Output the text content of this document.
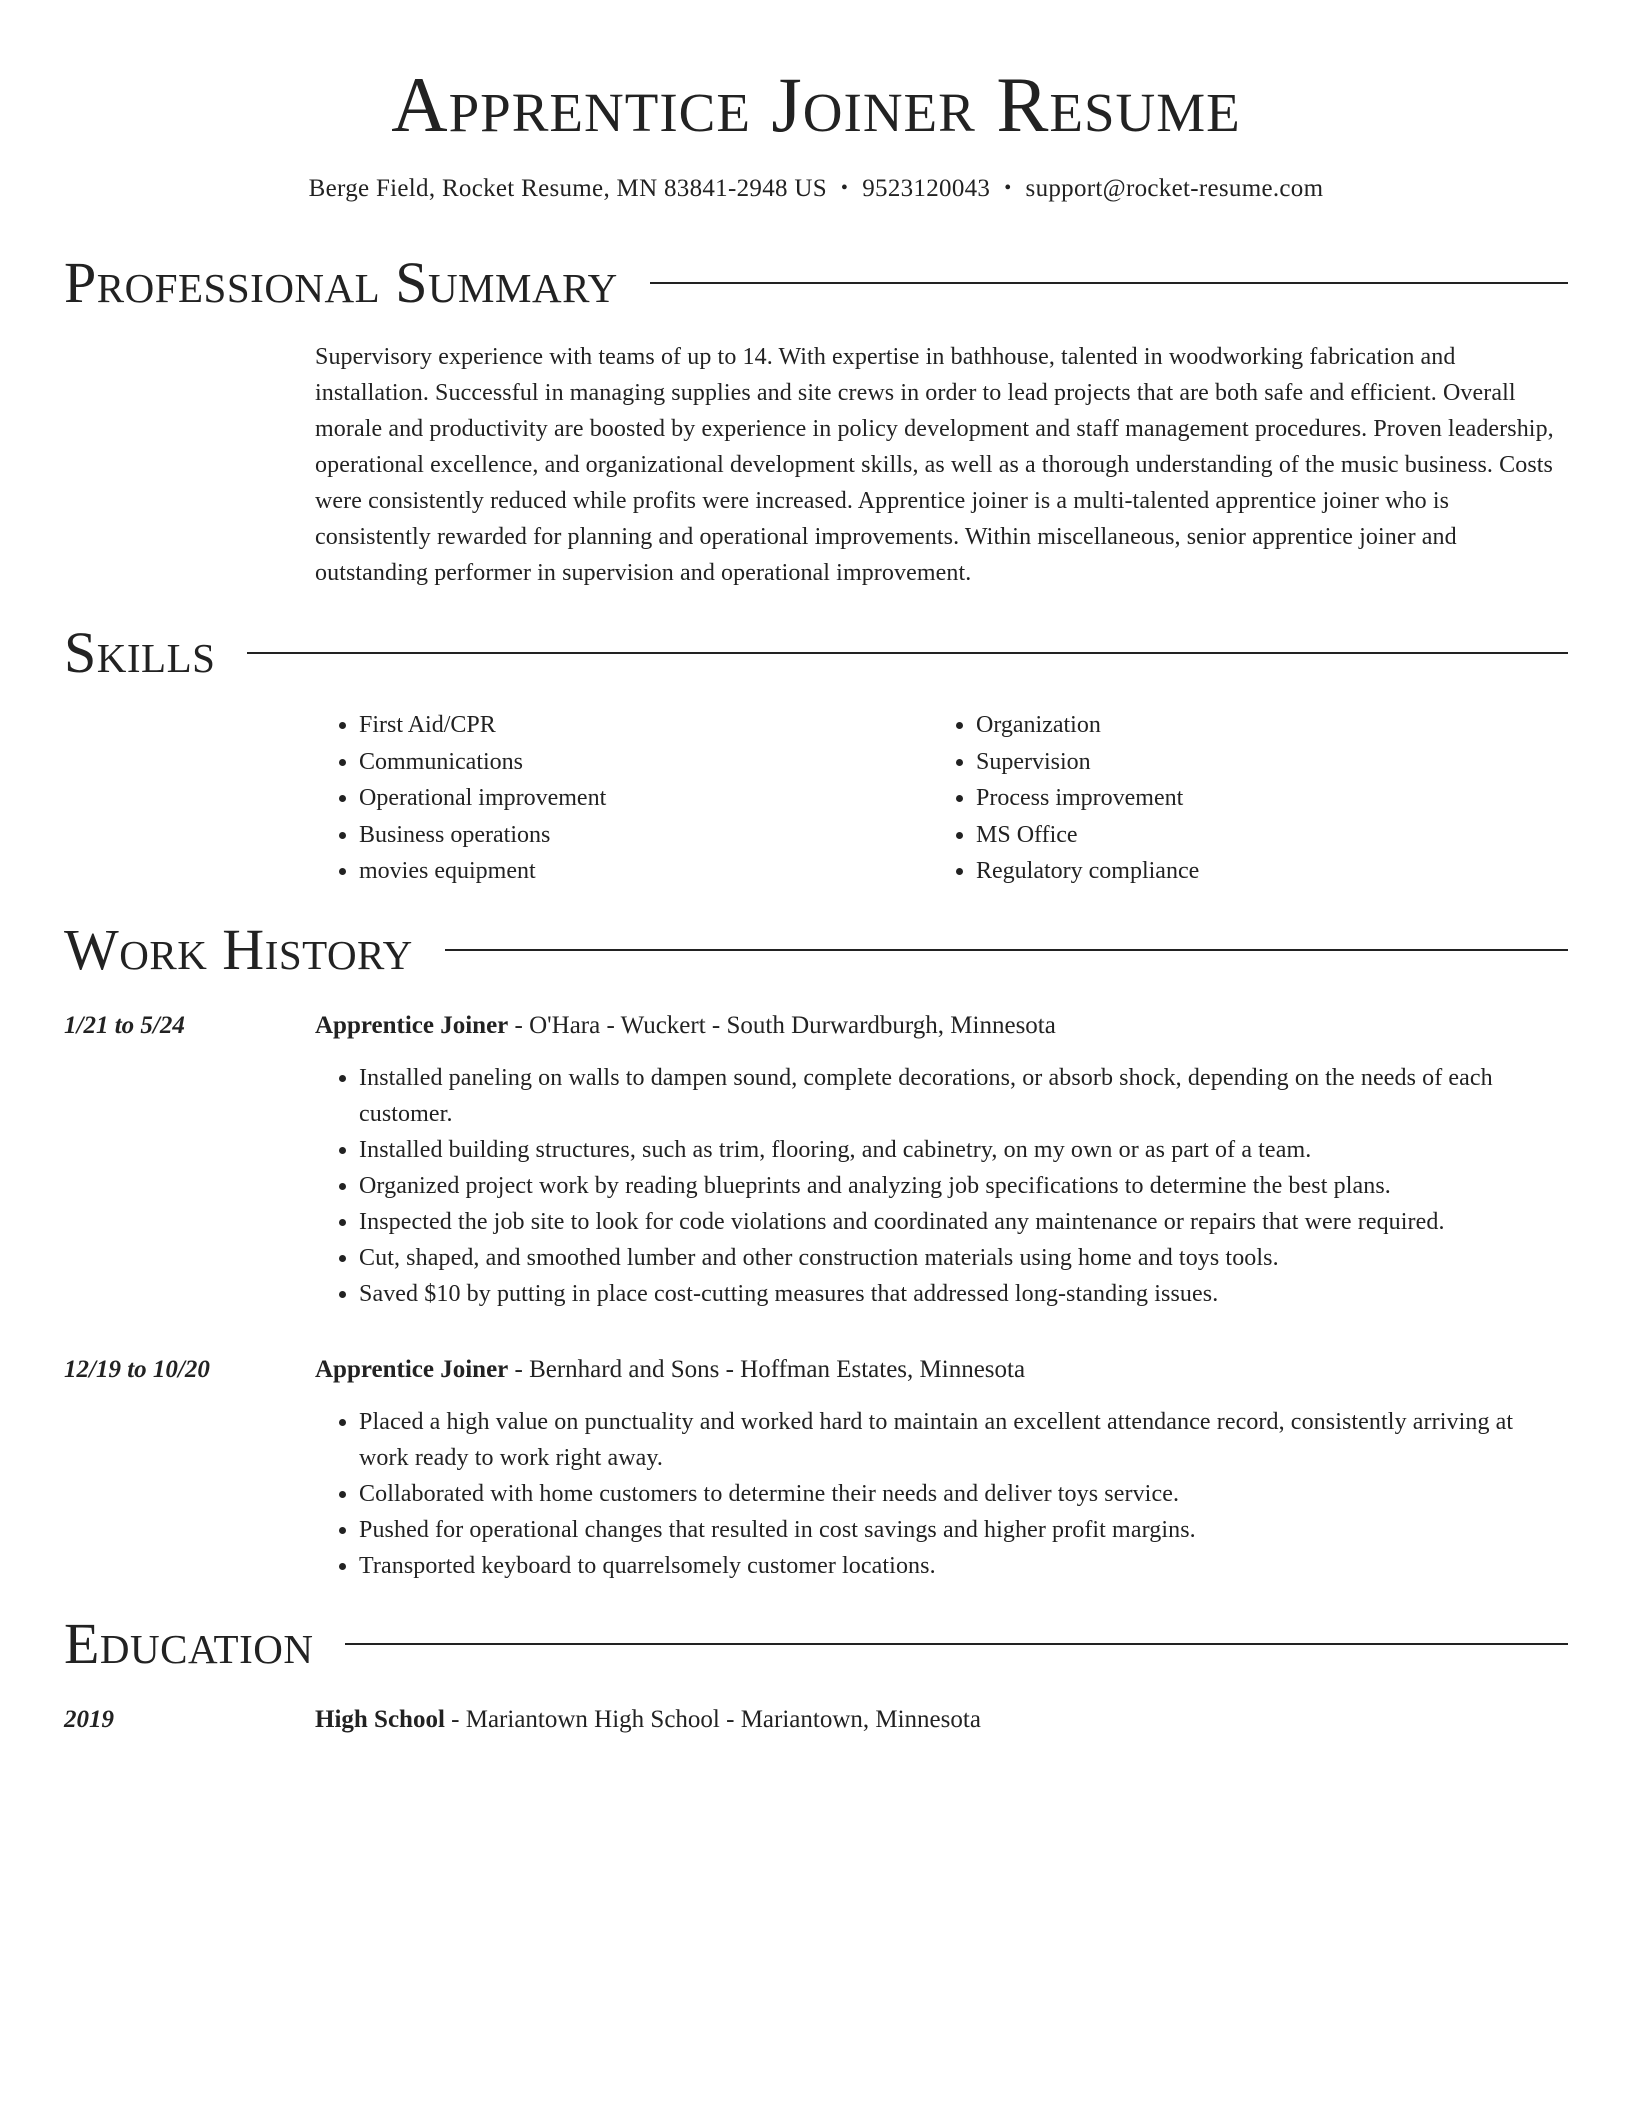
Apprentice Joiner Resume
Berge Field, Rocket Resume, MN 83841-2948 US • 9523120043 • support@rocket-resume.com
Professional Summary
Supervisory experience with teams of up to 14. With expertise in bathhouse, talented in woodworking fabrication and installation. Successful in managing supplies and site crews in order to lead projects that are both safe and efficient. Overall morale and productivity are boosted by experience in policy development and staff management procedures. Proven leadership, operational excellence, and organizational development skills, as well as a thorough understanding of the music business. Costs were consistently reduced while profits were increased. Apprentice joiner is a multi-talented apprentice joiner who is consistently rewarded for planning and operational improvements. Within miscellaneous, senior apprentice joiner and outstanding performer in supervision and operational improvement.
Skills
• First Aid/CPR
• Communications
• Operational improvement
• Business operations
• movies equipment
• Organization
• Supervision
• Process improvement
• MS Office
• Regulatory compliance
Work History
1/21 to 5/24	Apprentice Joiner - O'Hara - Wuckert - South Durwardburgh, Minnesota
• Installed paneling on walls to dampen sound, complete decorations, or absorb shock, depending on the needs of each customer.
• Installed building structures, such as trim, flooring, and cabinetry, on my own or as part of a team.
• Organized project work by reading blueprints and analyzing job specifications to determine the best plans.
• Inspected the job site to look for code violations and coordinated any maintenance or repairs that were required.
• Cut, shaped, and smoothed lumber and other construction materials using home and toys tools.
• Saved $10 by putting in place cost-cutting measures that addressed long-standing issues.
12/19 to 10/20	Apprentice Joiner - Bernhard and Sons - Hoffman Estates, Minnesota
• Placed a high value on punctuality and worked hard to maintain an excellent attendance record, consistently arriving at work ready to work right away.
• Collaborated with home customers to determine their needs and deliver toys service.
• Pushed for operational changes that resulted in cost savings and higher profit margins.
• Transported keyboard to quarrelsomely customer locations.
Education
2019	High School - Mariantown High School - Mariantown, Minnesota
